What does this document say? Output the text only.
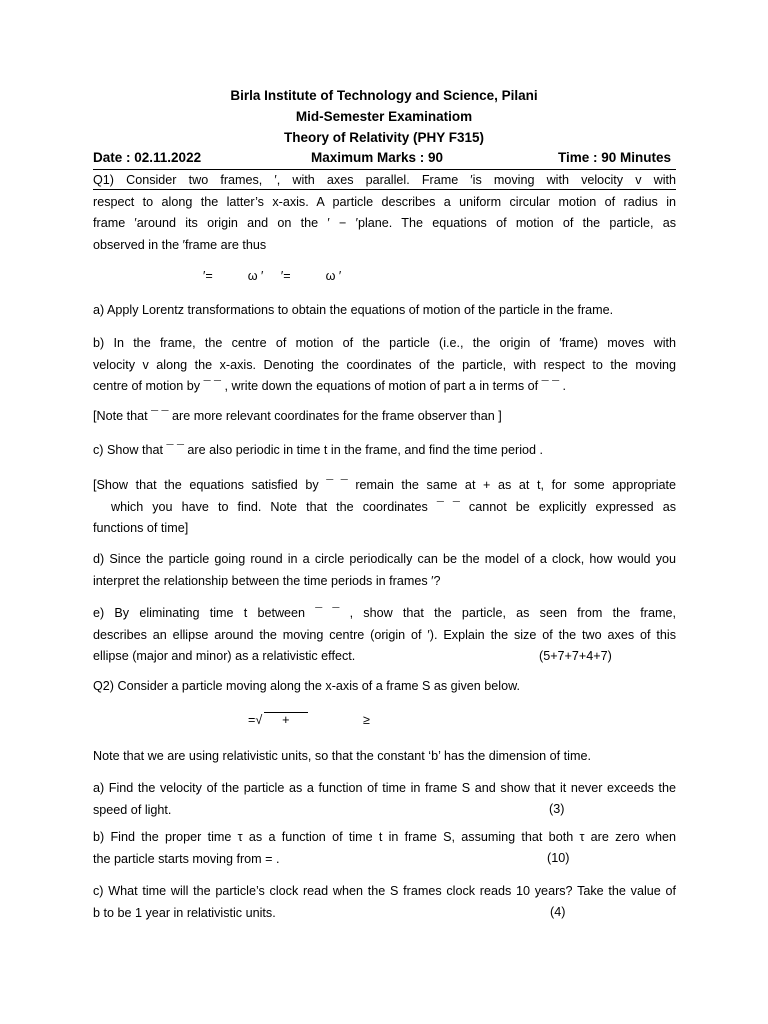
Birla Institute of Technology and Science, Pilani
Mid-Semester Examinatiom
Theory of Relativity (PHY F315)
Date : 02.11.2022	Maximum Marks : 90	Time : 90 Minutes
Q1) Consider two frames, ′, with axes parallel. Frame ′is moving with velocity v with
respect to along the latter’s x-axis. A particle describes a uniform circular motion of radius in
frame ′around its origin and on the ′ − ′plane. The equations of motion of the particle, as
observed in the ′frame are thus
′=          ω ′     ′=          ω ′
a) Apply Lorentz transformations to obtain the equations of motion of the particle in the frame.
b) In the frame, the centre of motion of the particle (i.e., the origin of ′frame) moves with
velocity v along the x-axis. Denoting the coordinates of the particle, with respect to the moving
centre of motion by ¯ ¯ , write down the equations of motion of part a in terms of ¯ ¯ .
[Note that ¯ ¯ are more relevant coordinates for the frame observer than ]
c) Show that ¯ ¯ are also periodic in time t in the frame, and find the time period .
[Show that the equations satisfied by ¯ ¯ remain the same at + as at t, for some appropriate
which you have to find. Note that the coordinates ¯ ¯ cannot be explicitly expressed as
functions of time]
d) Since the particle going round in a circle periodically can be the model of a clock, how would you
interpret the relationship between the time periods in frames ′?
e) By eliminating time t between ¯ ¯ , show that the particle, as seen from the frame,
describes an ellipse around the moving centre (origin of ′). Explain the size of the two axes of this
ellipse (major and minor) as a relativistic effect.	(5+7+7+4+7)
Q2) Consider a particle moving along the x-axis of a frame S as given below.
=√ +	≥
Note that we are using relativistic units, so that the constant ‘b’ has the dimension of time.
a) Find the velocity of the particle as a function of time in frame S and show that it never exceeds the
speed of light.	(3)
b) Find the proper time τ as a function of time t in frame S, assuming that both τ are zero when
the particle starts moving from = .	(10)
c) What time will the particle’s clock read when the S frames clock reads 10 years? Take the value of
b to be 1 year in relativistic units.	(4)
